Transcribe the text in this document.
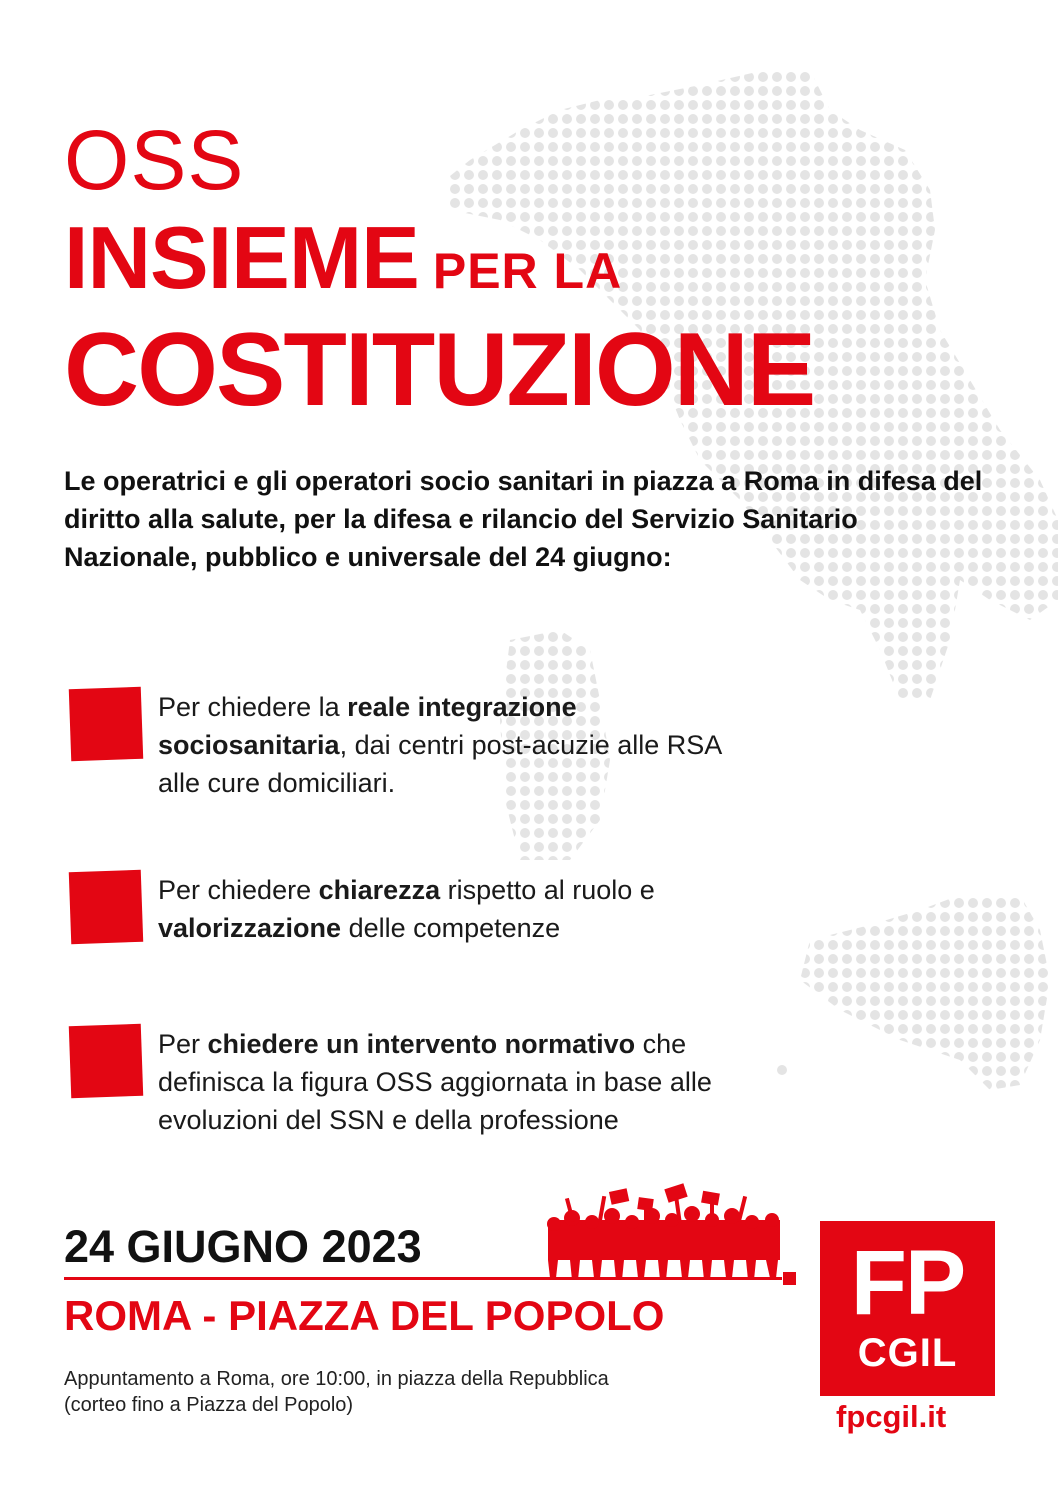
OSS
INSIEME PER LA
COSTITUZIONE
Le operatrici e gli operatori socio sanitari in piazza a Roma in difesa del diritto alla salute, per la difesa e rilancio del Servizio Sanitario Nazionale, pubblico e universale del 24 giugno:
Per chiedere la reale integrazione sociosanitaria, dai centri post-acuzie alle RSA alle cure domiciliari.
Per chiedere chiarezza rispetto al ruolo e valorizzazione delle competenze
Per chiedere un intervento normativo che definisca la figura OSS aggiornata in base alle evoluzioni del SSN e della professione
24 GIUGNO 2023
ROMA - PIAZZA DEL POPOLO
Appuntamento a Roma, ore 10:00, in piazza della Repubblica
(corteo fino a Piazza del Popolo)
FP
CGIL
fpcgil.it
